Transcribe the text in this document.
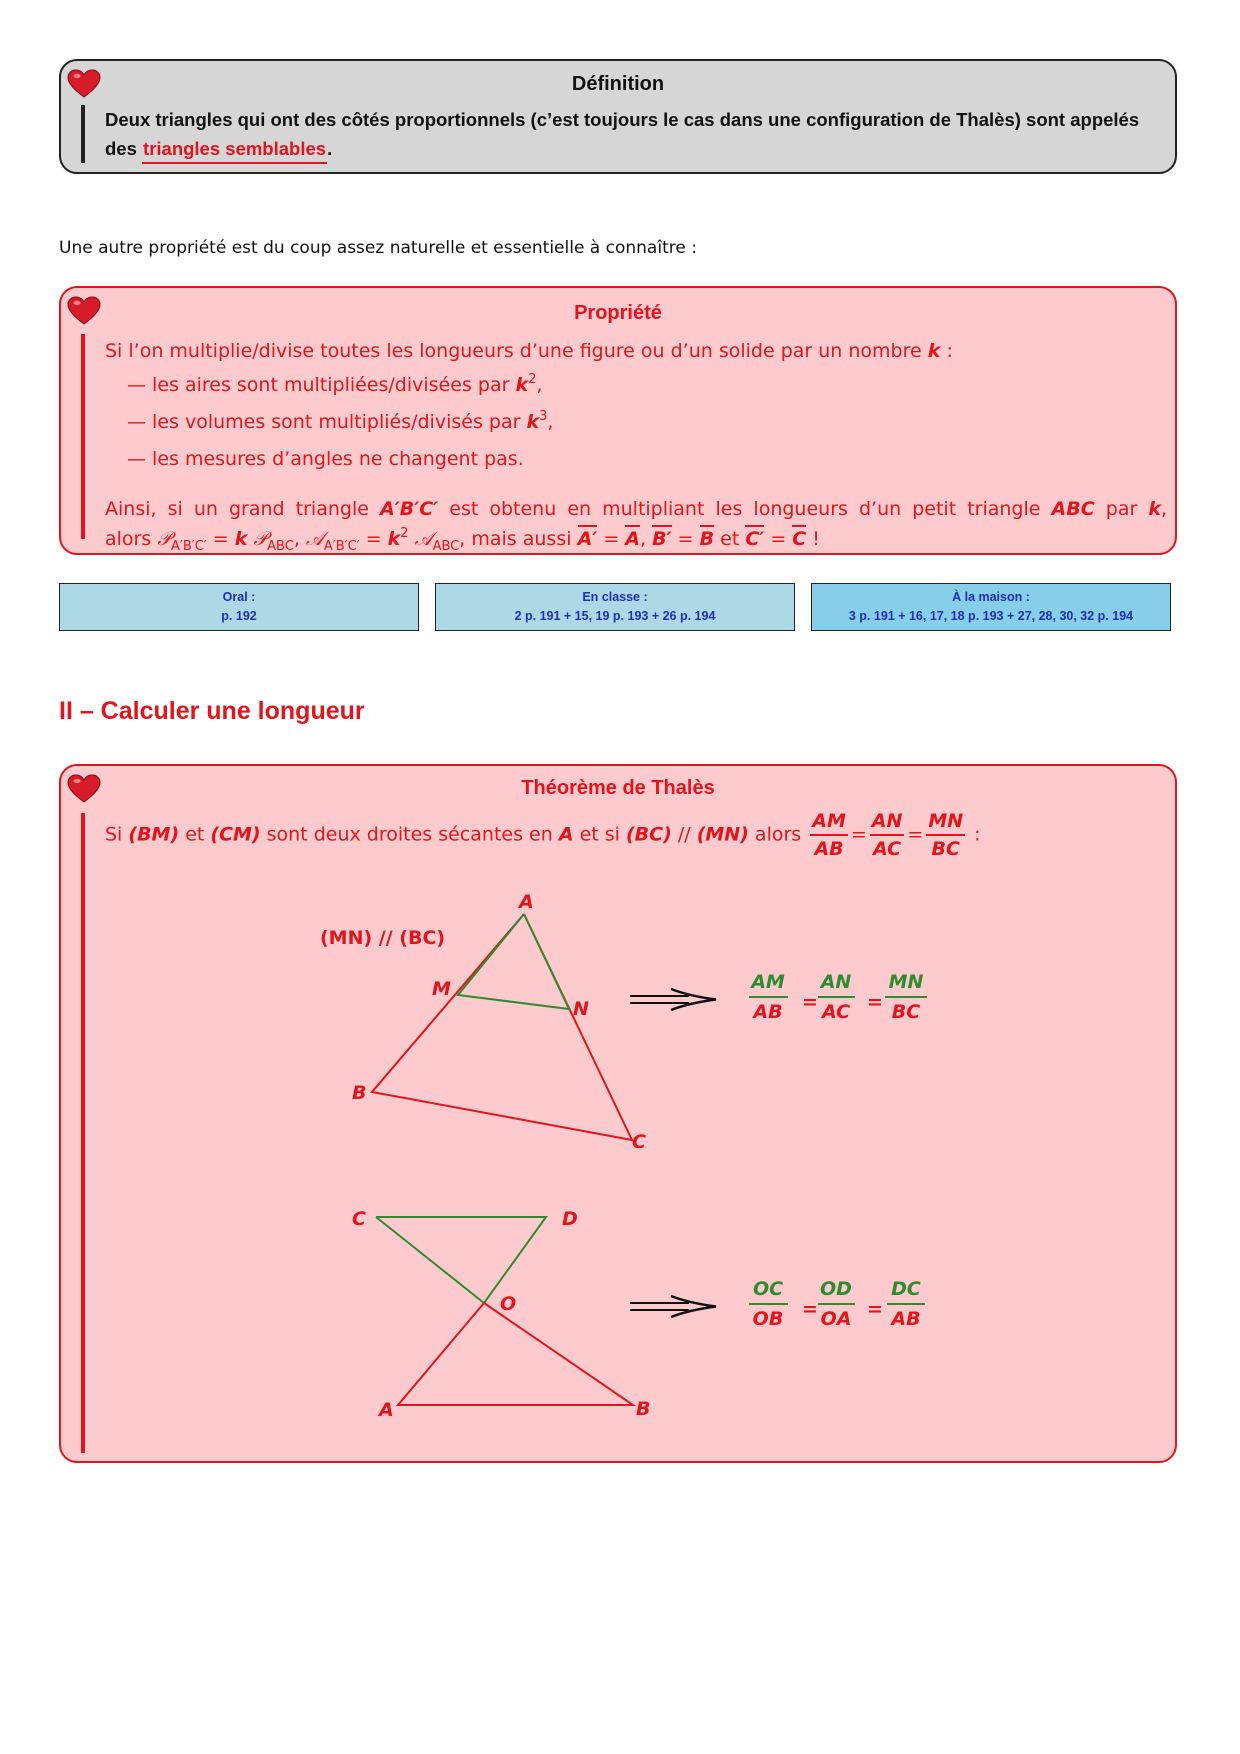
Définition
Deux triangles qui ont des côtés proportionnels (c’est toujours le cas dans une configuration de Thalès) sont appelés des triangles semblables.
Une autre propriété est du coup assez naturelle et essentielle à connaître :
Propriété
Si l’on multiplie/divise toutes les longueurs d’une figure ou d’un solide par un nombre k :
— les aires sont multipliées/divisées par $k^2$,
— les volumes sont multipliés/divisés par $k^3$,
— les mesures d’angles ne changent pas.
Ainsi, si un grand triangle A′B′C′ est obtenu en multipliant les longueurs d’un petit triangle ABC par k,
alors 𝒫$_{A'B'C'}$ = k 𝒫$_{ABC}$, 𝒜$_{A'B'C'}$ = $k^2$ 𝒜$_{ABC}$, mais aussi A′ = A, B′ = B et C′ = C !
Oral :
p. 192
En classe :
2 p. 191 + 15, 19 p. 193 + 26 p. 194
À la maison :
3 p. 191 + 16, 17, 18 p. 193 + 27, 28, 30, 32 p. 194
II – Calculer une longueur
Théorème de Thalès
Si (BM) et (CM) sont deux droites sécantes en A et si (BC) // (MN) alors $\frac{AM}{AB} = \frac{AN}{AC} = \frac{MN}{BC}$ :
(MN) // (BC)
A
M
N
B
C
AM
AB =
AN
AC =
MN
BC
C	D
O
A	B
OC
OB =
OD
OA =
DC
AB
